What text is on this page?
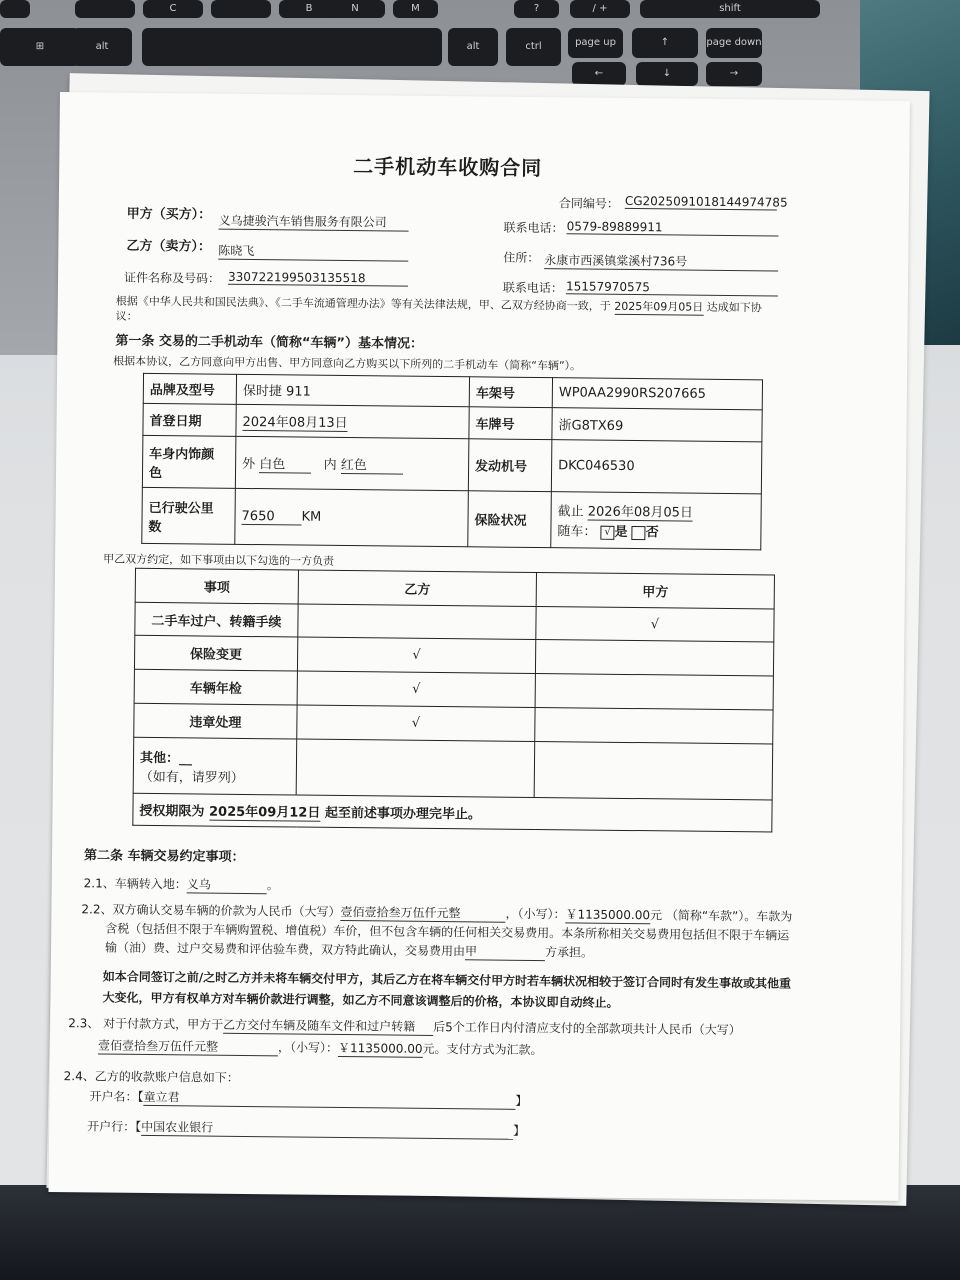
C	B	N	M	?	/ +	shift
⊞	alt	alt	ctrl	page up	↑	page down
←	↓	→
二手机动车收购合同
合同编号： CG2025091018144974785
甲方（买方）： 义乌捷骏汽车销售服务有限公司	联系电话： 0579-89889911
乙方（卖方）： 陈晓飞	住所： 永康市西溪镇棠溪村736号
证件名称及号码： 330722199503135518
联系电话： 15157970575
根据《中华人民共和国民法典》、《二手车流通管理办法》等有关法律法规，甲、乙双方经协商一致，于 2025年09月05日 达成如下协
议：
第一条 交易的二手机动车（简称“车辆”）基本情况：
根据本协议，乙方同意向甲方出售、甲方同意向乙方购买以下所列的二手机动车（简称“车辆”）。
品牌及型号	保时捷 911	车架号	WP0AA2990RS207665
首登日期	2024年08月13日	车牌号	浙G8TX69
车身内饰颜
色	外 白色 内 红色	发动机号	DKC046530
已行驶公里
数	7650 KM	保险状况	截止 2026年08月05日
随车： √ 是 否
甲乙双方约定，如下事项由以下勾选的一方负责
事项	乙方	甲方
二手车过户、转籍手续		√
保险变更	√	
车辆年检	√	
违章处理	√	
其他：__
（如有，请罗列）		
授权期限为 2025年09月12日 起至前述事项办理完毕止。		
第二条 车辆交易约定事项：
2.1、车辆转入地：义乌	。
2.2、双方确认交易车辆的价款为人民币（大写）壹佰壹拾叁万伍仟元整	，（小写）：￥1135000.00元 （简称“车款”）。车款为
含税（包括但不限于车辆购置税、增值税）车价，但不包含车辆的任何相关交易费用。本条所称相关交易费用包括但不限于车辆运
输（油）费、过户交易费和评估验车费，双方特此确认，交易费用由甲	方承担。
如本合同签订之前/之时乙方并未将车辆交付甲方，其后乙方在将车辆交付甲方时若车辆状况相较于签订合同时有发生事故或其他重
大变化，甲方有权单方对车辆价款进行调整，如乙方不同意该调整后的价格，本协议即自动终止。
2.3、 对于付款方式，甲方于乙方交付车辆及随车文件和过户转籍 后5个工作日内付清应支付的全部款项共计人民币（大写）
壹佰壹拾叁万伍仟元整	，（小写）：￥1135000.00元。支付方式为汇款。
2.4、乙方的收款账户信息如下：
开户名：【童立君	】
开户行：【中国农业银行	】
